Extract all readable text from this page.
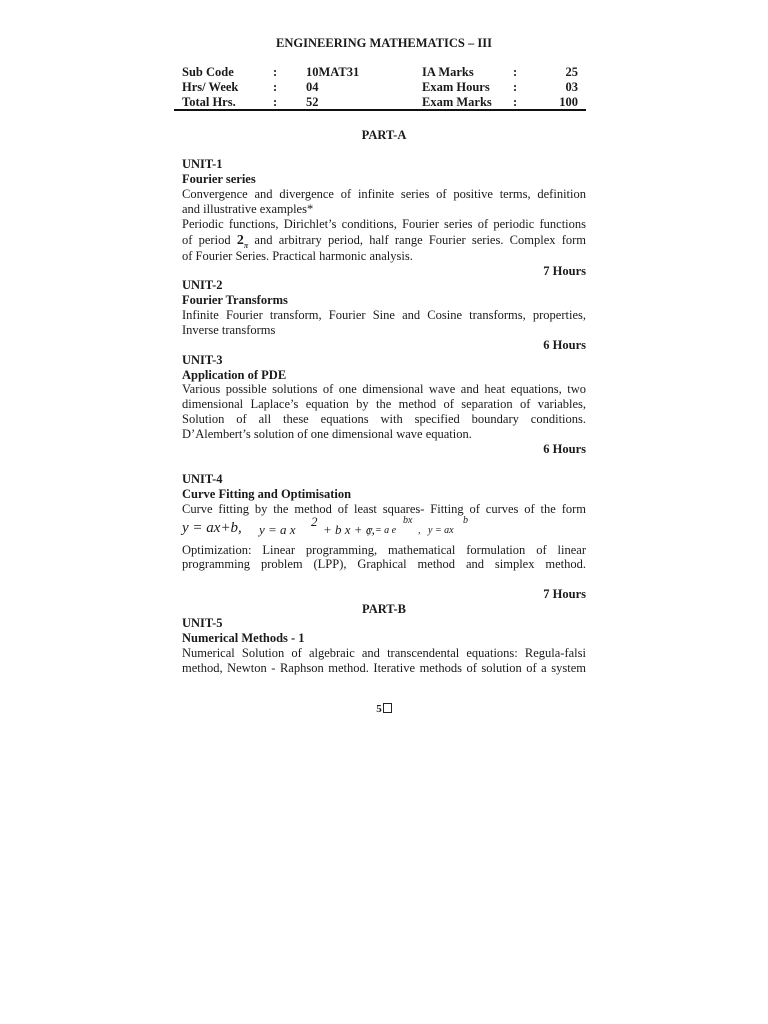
ENGINEERING MATHEMATICS – III
Sub Code	: 10MAT31	IA Marks	:	25
Hrs/ Week	: 04	Exam Hours :	03
Total Hrs.	: 52	Exam Marks :	100
PART-A
UNIT-1
Fourier series
Convergence and divergence of infinite series of positive terms, definition
and illustrative examples*
Periodic functions, Dirichlet’s conditions, Fourier series of periodic functions
of period $2_\pi$ and arbitrary period, half range Fourier series. Complex form
of Fourier Series. Practical harmonic analysis.
7 Hours
UNIT-2
Fourier Transforms
Infinite Fourier transform, Fourier Sine and Cosine transforms, properties,
Inverse transforms
6 Hours
UNIT-3
Application of PDE
Various possible solutions of one dimensional wave and heat equations, two
dimensional Laplace’s equation by the method of separation of variables,
Solution of all these equations with specified boundary conditions.
D’Alembert’s solution of one dimensional wave equation.
6 Hours
UNIT-4
Curve Fitting and Optimisation
Curve fitting by the method of least squares- Fitting of curves of the form
y = ax+b, y = a x
2
+ b x + c,
y = a e
bx
, y = ax
b
Optimization: Linear programming, mathematical formulation of linear
programming problem (LPP), Graphical method and simplex method.
7 Hours
PART-B
UNIT-5
Numerical Methods - 1
Numerical Solution of algebraic and transcendental equations: Regula-falsi
method, Newton - Raphson method. Iterative methods of solution of a system
5
